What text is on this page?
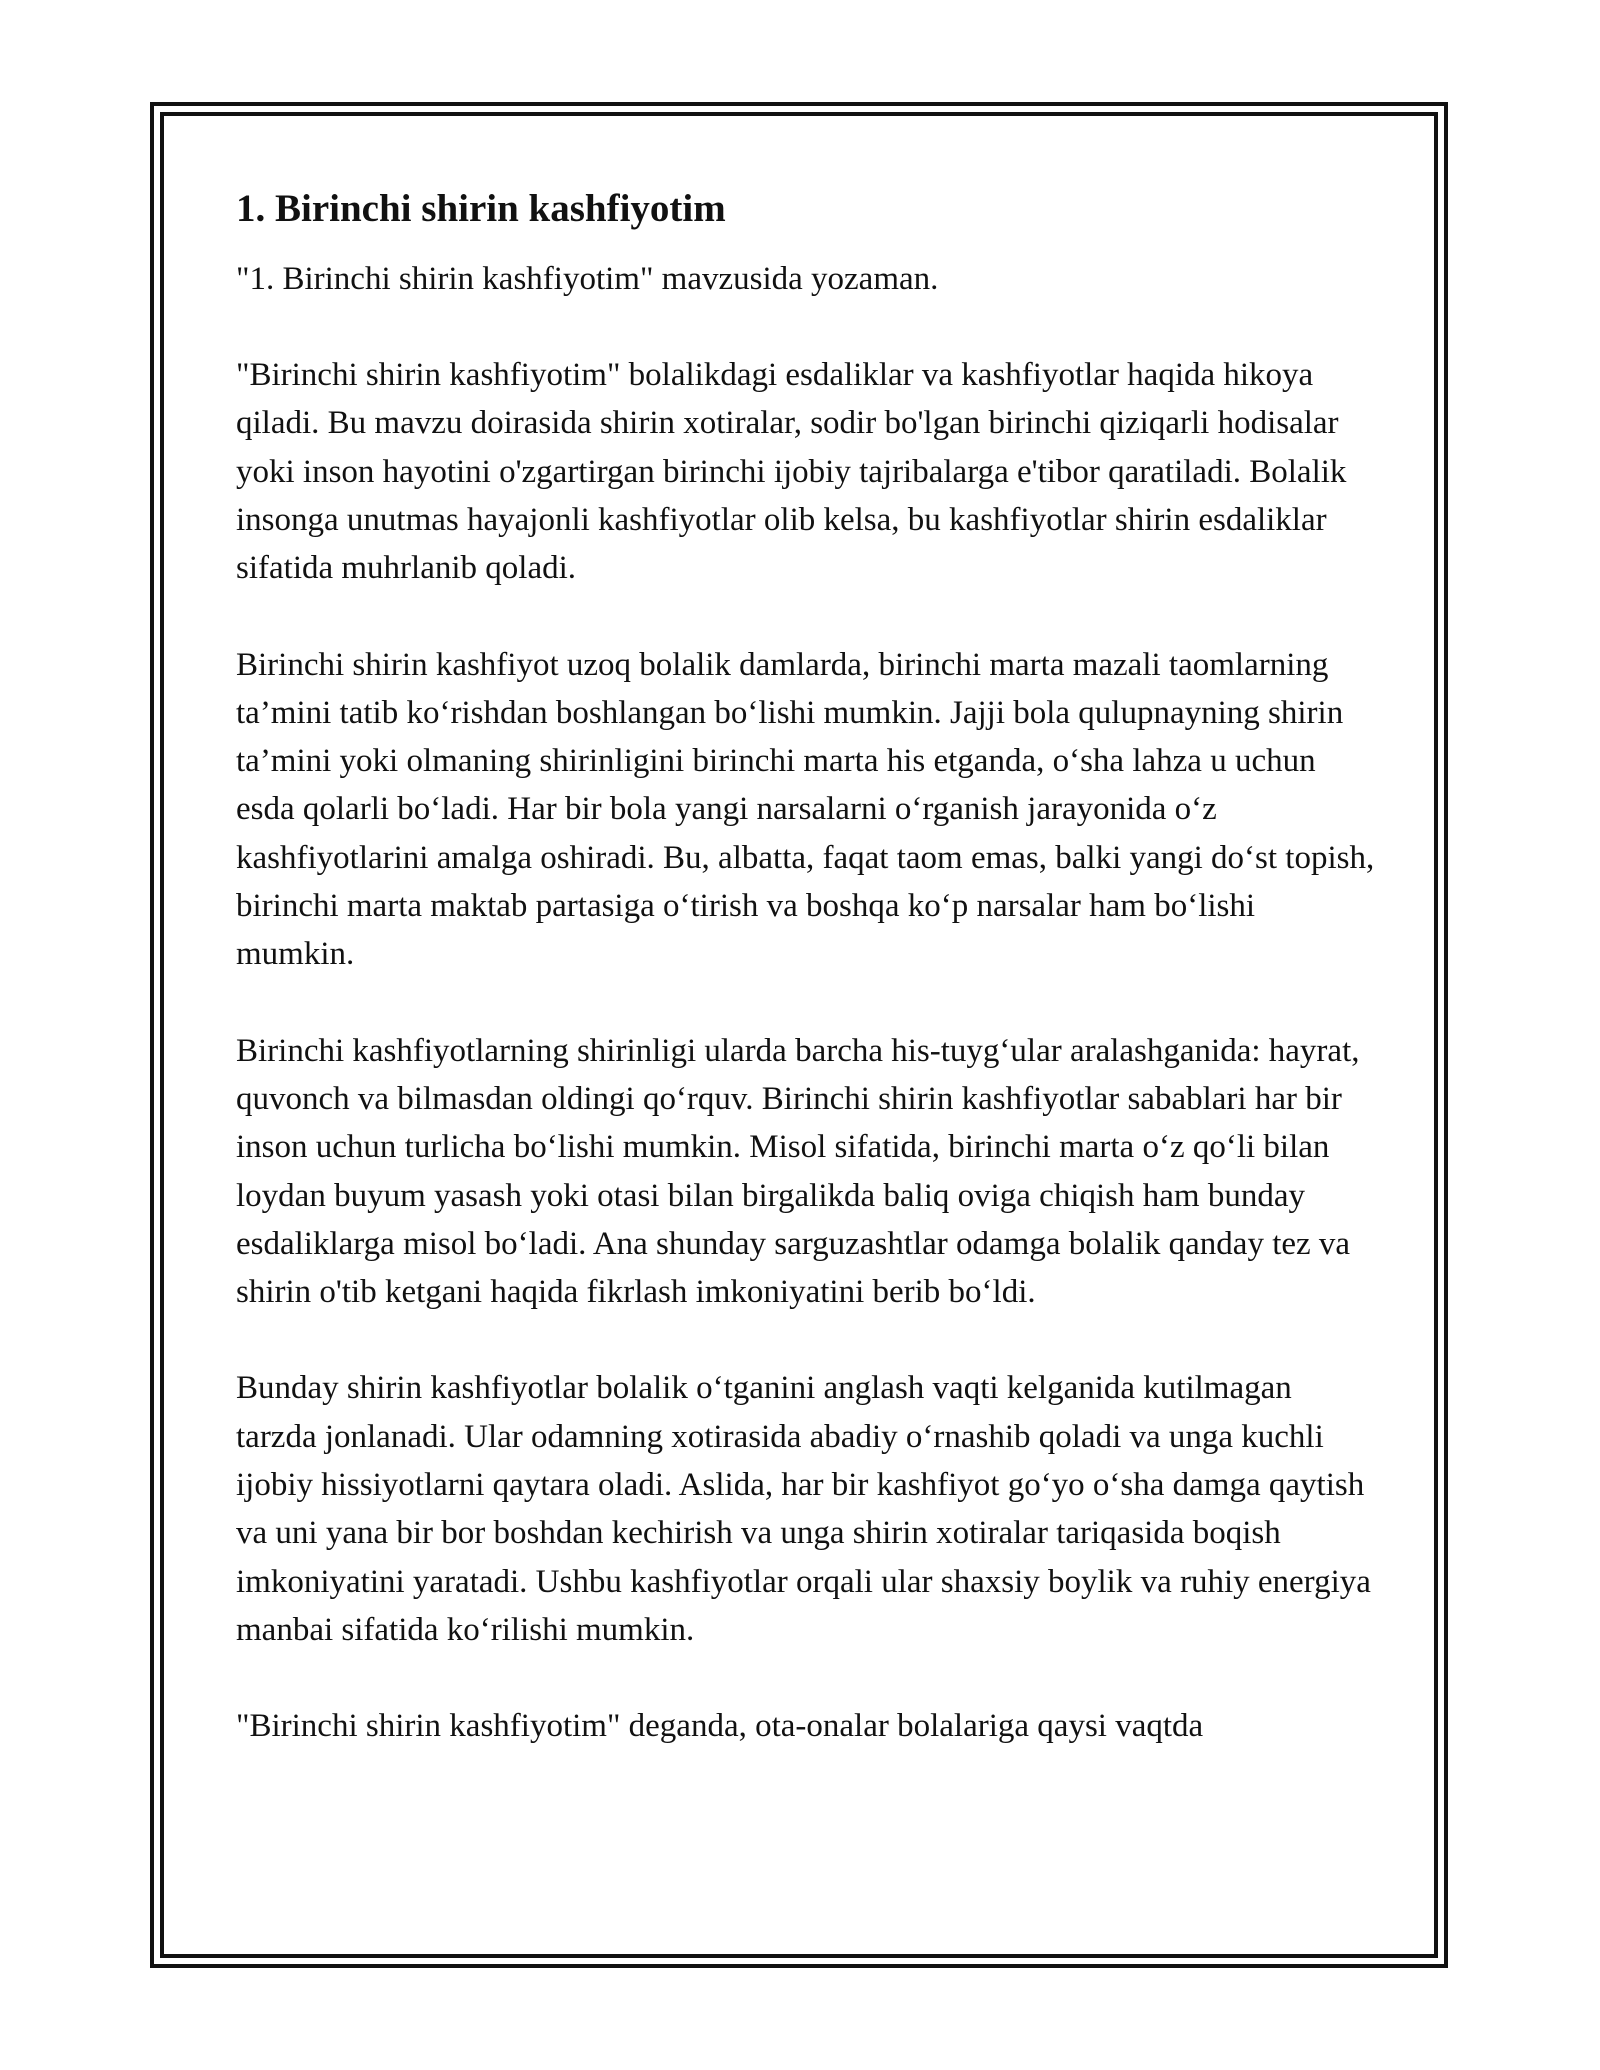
1. Birinchi shirin kashfiyotim

"1. Birinchi shirin kashfiyotim" mavzusida yozaman.

"Birinchi shirin kashfiyotim" bolalikdagi esdaliklar va kashfiyotlar haqida hikoya qiladi. Bu mavzu doirasida shirin xotiralar, sodir bo'lgan birinchi qiziqarli hodisalar yoki inson hayotini o'zgartirgan birinchi ijobiy tajribalarga e'tibor qaratiladi. Bolalik insonga unutmas hayajonli kashfiyotlar olib kelsa, bu kashfiyotlar shirin esdaliklar sifatida muhrlanib qoladi.

Birinchi shirin kashfiyot uzoq bolalik damlarda, birinchi marta mazali taomlarning ta’mini tatib ko‘rishdan boshlangan bo‘lishi mumkin. Jajji bola qulupnayning shirin ta’mini yoki olmaning shirinligini birinchi marta his etganda, o‘sha lahza u uchun esda qolarli bo‘ladi. Har bir bola yangi narsalarni o‘rganish jarayonida o‘z kashfiyotlarini amalga oshiradi. Bu, albatta, faqat taom emas, balki yangi do‘st topish, birinchi marta maktab partasiga o‘tirish va boshqa ko‘p narsalar ham bo‘lishi mumkin.

Birinchi kashfiyotlarning shirinligi ularda barcha his-tuyg‘ular aralashganida: hayrat, quvonch va bilmasdan oldingi qo‘rquv. Birinchi shirin kashfiyotlar sabablari har bir inson uchun turlicha bo‘lishi mumkin. Misol sifatida, birinchi marta o‘z qo‘li bilan loydan buyum yasash yoki otasi bilan birgalikda baliq oviga chiqish ham bunday esdaliklarga misol bo‘ladi. Ana shunday sarguzashtlar odamga bolalik qanday tez va shirin o'tib ketgani haqida fikrlash imkoniyatini berib bo‘ldi.

Bunday shirin kashfiyotlar bolalik o‘tganini anglash vaqti kelganida kutilmagan tarzda jonlanadi. Ular odamning xotirasida abadiy o‘rnashib qoladi va unga kuchli ijobiy hissiyotlarni qaytara oladi. Aslida, har bir kashfiyot go‘yo o‘sha damga qaytish va uni yana bir bor boshdan kechirish va unga shirin xotiralar tariqasida boqish imkoniyatini yaratadi. Ushbu kashfiyotlar orqali ular shaxsiy boylik va ruhiy energiya manbai sifatida ko‘rilishi mumkin.

"Birinchi shirin kashfiyotim" deganda, ota-onalar bolalariga qaysi vaqtda
